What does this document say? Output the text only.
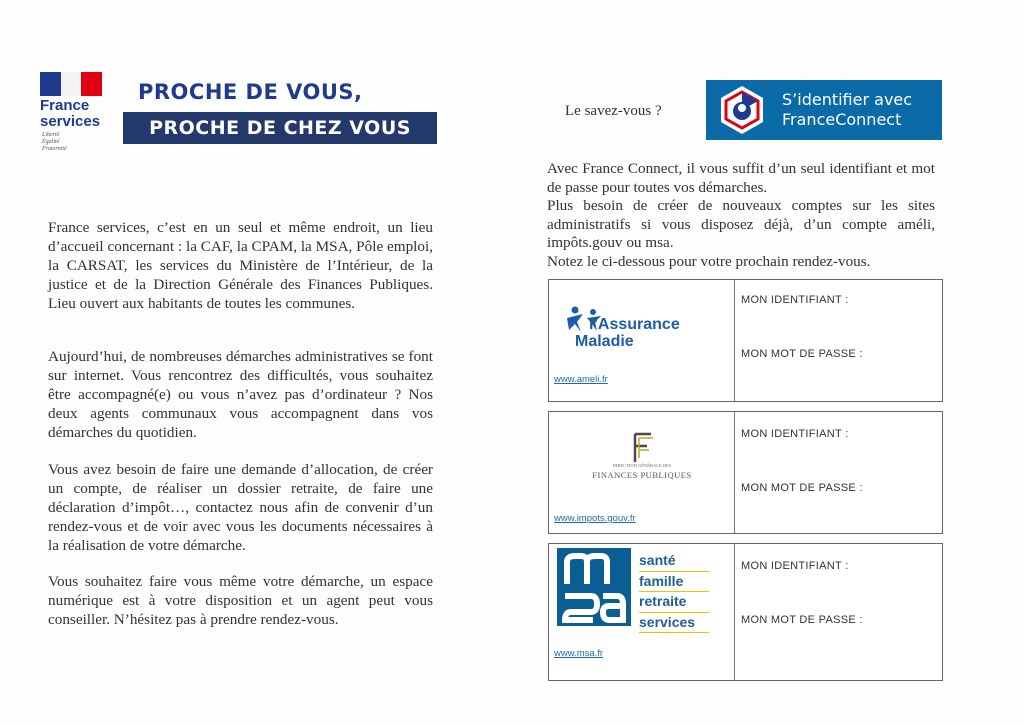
France
services
Liberté
Égalité
Fraternité
PROCHE DE VOUS,
PROCHE DE CHEZ VOUS
France services, c’est en un seul et même endroit, un lieu d’accueil concernant : la CAF, la CPAM, la MSA, Pôle emploi, la CARSAT, les services du Ministère de l’Intérieur, de la justice et de la Direction Générale des Finances Publiques. Lieu ouvert aux habitants de toutes les communes.
Aujourd’hui, de nombreuses démarches administratives se font sur internet. Vous rencontrez des difficultés, vous souhaitez être accompagné(e) ou vous n’avez pas d’ordinateur ? Nos deux agents communaux vous accompagnent dans vos démarches du quotidien.
Vous avez besoin de faire une demande d’allocation, de créer un compte, de réaliser un dossier retraite, de faire une déclaration d’impôt…, contactez nous afin de convenir d’un rendez-vous et de voir avec vous les documents nécessaires à la réalisation de votre démarche.
Vous souhaitez faire vous même votre démarche, un espace numérique est à votre disposition et un agent peut vous conseiller. N’hésitez pas à prendre rendez-vous.
Le savez-vous ?
S’identifier avec
FranceConnect

Avec France Connect, il vous suffit d’un seul identifiant et mot de passe pour toutes vos démarches.

Plus besoin de créer de nouveaux comptes sur les sites administratifs si vous disposez déjà, d’un compte améli, impôts.gouv ou msa.

Notez le ci-dessous pour votre prochain rendez-vous.

l’Assurance
Maladie
www.ameli.fr
MON IDENTIFIANT :
MON MOT DE PASSE :
DIRECTION GÉNÉRALE DES
FINANCES PUBLIQUES
www.impots.gouv.fr
MON IDENTIFIANT :
MON MOT DE PASSE :
santé
famille
retraite
services
www.msa.fr
MON IDENTIFIANT :
MON MOT DE PASSE :
